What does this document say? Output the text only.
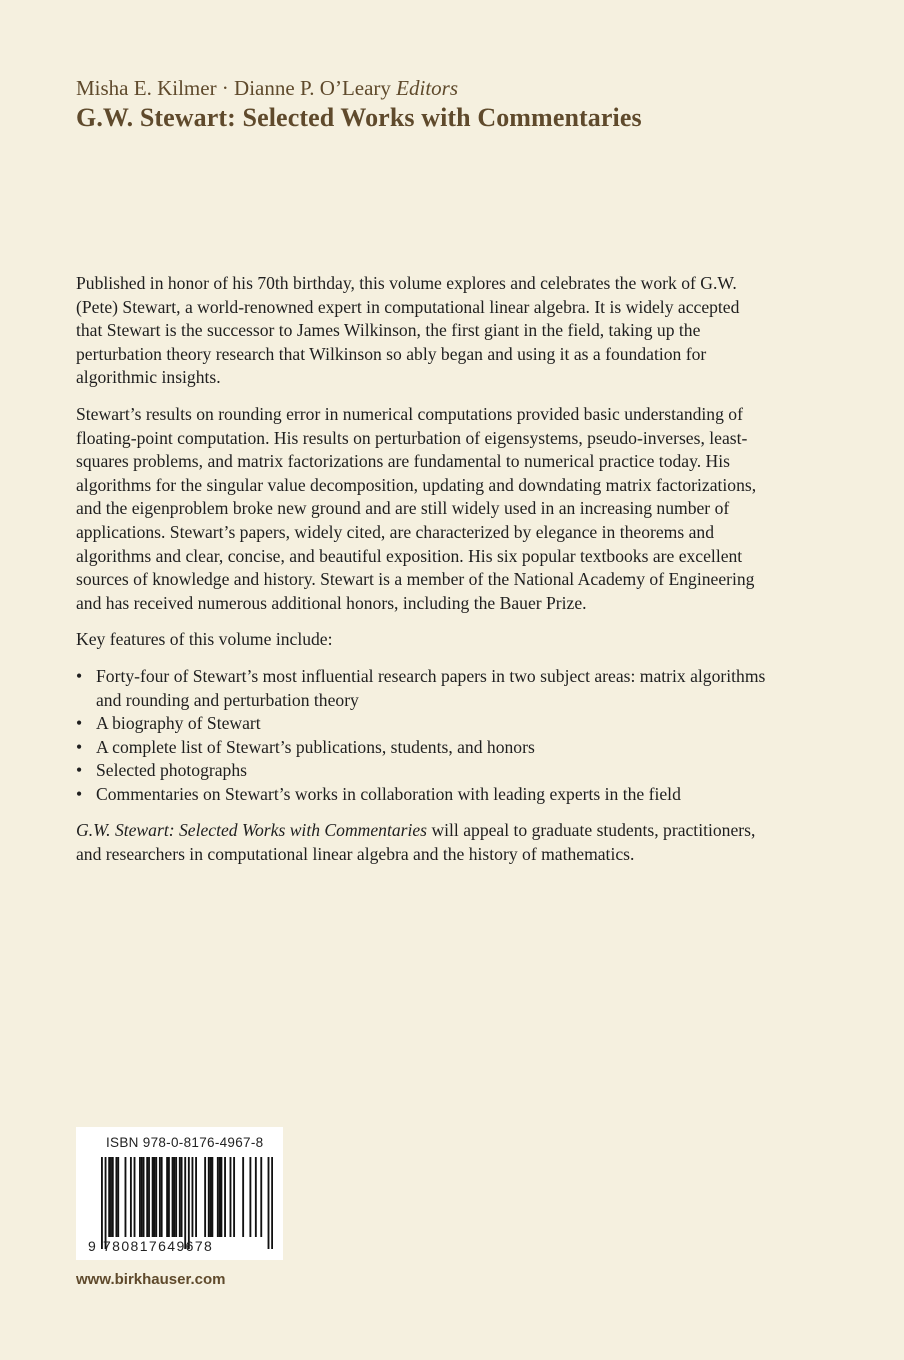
Misha E. Kilmer · Dianne P. O’Leary Editors

G.W. Stewart: Selected Works with Commentaries

Published in honor of his 70th birthday, this volume explores and celebrates the work of G.W. (Pete) Stewart, a world-renowned expert in computational linear algebra. It is widely accepted that Stewart is the successor to James Wilkinson, the first giant in the field, taking up the perturbation theory research that Wilkinson so ably began and using it as a foundation for algorithmic insights.

Stewart’s results on rounding error in numerical computations provided basic understanding of floating-point computation. His results on perturbation of eigensystems, pseudo-inverses, least-squares problems, and matrix factorizations are fundamental to numerical practice today. His algorithms for the singular value decomposition, updating and downdating matrix factorizations, and the eigenproblem broke new ground and are still widely used in an increasing number of applications. Stewart’s papers, widely cited, are characterized by elegance in theorems and algorithms and clear, concise, and beautiful exposition. His six popular textbooks are excellent sources of knowledge and history. Stewart is a member of the National Academy of Engineering and has received numerous additional honors, including the Bauer Prize.

Key features of this volume include:

• Forty-four of Stewart’s most influential research papers in two subject areas: matrix algorithms and rounding and perturbation theory
• A biography of Stewart
• A complete list of Stewart’s publications, students, and honors
• Selected photographs
• Commentaries on Stewart’s works in collaboration with leading experts in the field

G.W. Stewart: Selected Works with Commentaries will appeal to graduate students, practitioners, and researchers in computational linear algebra and the history of mathematics.

ISBN 978-0-8176-4967-8
9 780817649678
www.birkhauser.com
